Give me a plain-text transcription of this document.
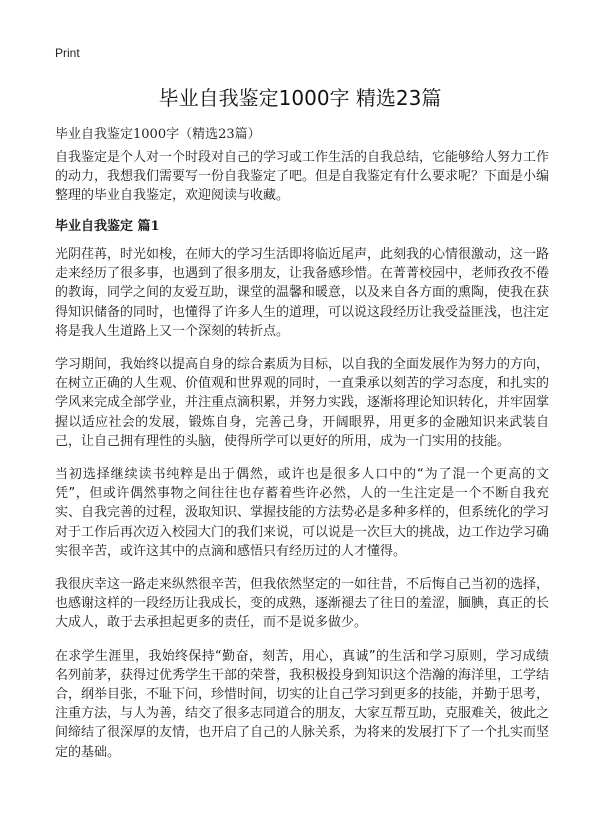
Print
毕业自我鉴定1000字 精选23篇

毕业自我鉴定1000字（精选23篇）

自我鉴定是个人对一个时段对自己的学习或工作生活的自我总结，它能够给人努力工作的动力，我想我们需要写一份自我鉴定了吧。但是自我鉴定有什么要求呢？下面是小编整理的毕业自我鉴定，欢迎阅读与收藏。

毕业自我鉴定 篇1

光阴荏苒，时光如梭，在师大的学习生活即将临近尾声，此刻我的心情很激动，这一路走来经历了很多事，也遇到了很多朋友，让我备感珍惜。在菁菁校园中，老师孜孜不倦的教诲，同学之间的友爱互助，课堂的温馨和暖意，以及来自各方面的熏陶，使我在获得知识储备的同时，也懂得了许多人生的道理，可以说这段经历让我受益匪浅，也注定将是我人生道路上又一个深刻的转折点。

学习期间，我始终以提高自身的综合素质为目标，以自我的全面发展作为努力的方向，在树立正确的人生观、价值观和世界观的同时，一直秉承以刻苦的学习态度，和扎实的学风来完成全部学业，并注重点滴积累，并努力实践，逐渐将理论知识转化，并牢固掌握以适应社会的发展，锻炼自身，完善己身，开阔眼界，用更多的金融知识来武装自己，让自己拥有理性的头脑，使得所学可以更好的所用，成为一门实用的技能。

当初选择继续读书纯粹是出于偶然，或许也是很多人口中的“为了混一个更高的文凭”，但或许偶然事物之间往往也存蓄着些许必然，人的一生注定是一个不断自我充实、自我完善的过程，汲取知识、掌握技能的方法势必是多种多样的，但系统化的学习对于工作后再次迈入校园大门的我们来说，可以说是一次巨大的挑战，边工作边学习确实很辛苦，或许这其中的点滴和感悟只有经历过的人才懂得。

我很庆幸这一路走来纵然很辛苦，但我依然坚定的一如往昔，不后悔自己当初的选择，也感谢这样的一段经历让我成长，变的成熟，逐渐褪去了往日的羞涩，腼腆，真正的长大成人，敢于去承担起更多的责任，而不是说多做少。

在求学生涯里，我始终保持“勤奋，刻苦，用心，真诚”的生活和学习原则，学习成绩名列前茅，获得过优秀学生干部的荣誉，我积极投身到知识这个浩瀚的海洋里，工学结合，纲举目张，不耻下问，珍惜时间，切实的让自己学习到更多的技能，并勤于思考，注重方法，与人为善，结交了很多志同道合的朋友，大家互帮互助，克服难关，彼此之间缔结了很深厚的友情，也开启了自己的人脉关系，为将来的发展打下了一个扎实而坚定的基础。
